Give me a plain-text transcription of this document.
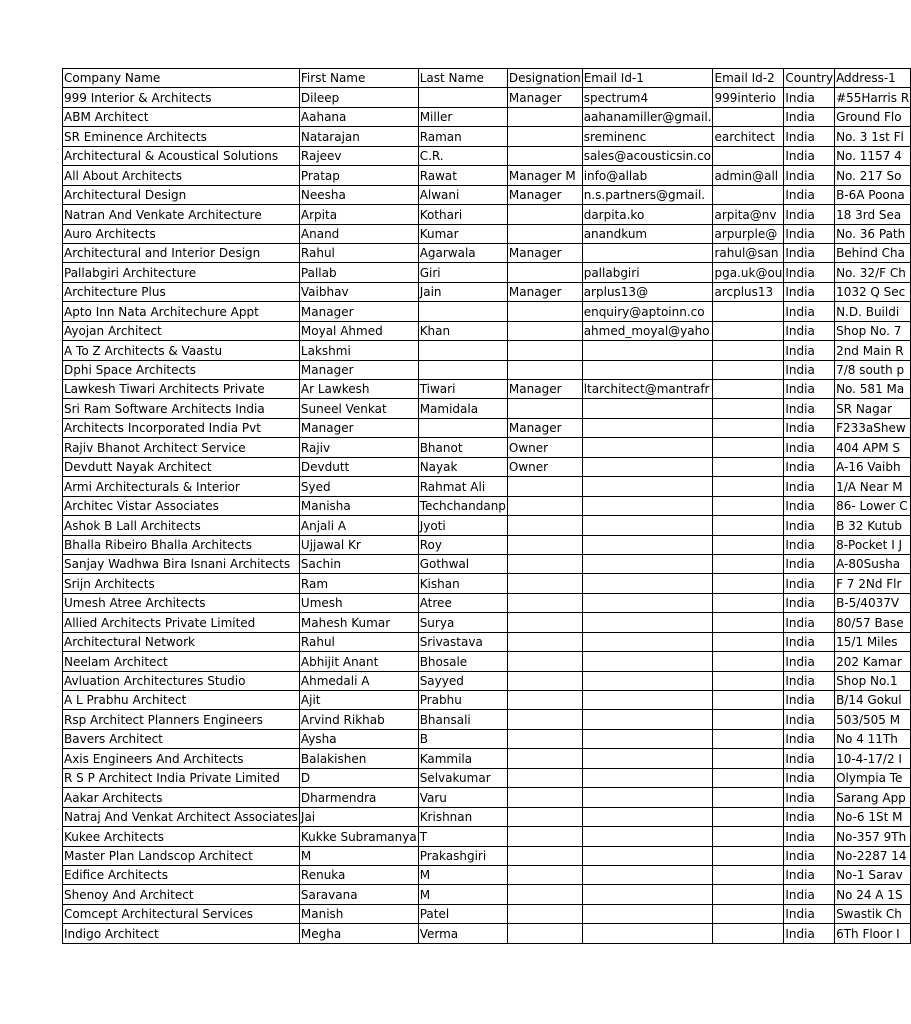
Company Name	First Name	Last Name	Designation	Email Id-1	Email Id-2	Country	Address-1
999 Interior & Architects	Dileep		Manager	spectrum4	999interio	India	#55Harris R
ABM Architect	Aahana	Miller		aahanamiller@gmail.		India	Ground Flo
SR Eminence Architects	Natarajan	Raman		sreminenc	earchitect	India	No. 3 1st Fl
Architectural & Acoustical Solutions	Rajeev	C.R.		sales@acousticsin.co		India	No. 1157 4
All About Architects	Pratap	Rawat	Manager M	info@allab	admin@all	India	No. 217 So
Architectural Design	Neesha	Alwani	Manager	n.s.partners@gmail.		India	B-6A Poona
Natran And Venkate Architecture	Arpita	Kothari		darpita.ko	arpita@nv	India	18 3rd Sea
Auro Architects	Anand	Kumar		anandkum	arpurple@	India	No. 36 Path
Architectural and Interior Design	Rahul	Agarwala	Manager		rahul@san	India	Behind Cha
Pallabgiri Architecture	Pallab	Giri		pallabgiri	pga.uk@ou	India	No. 32/F Ch
Architecture Plus	Vaibhav	Jain	Manager	arplus13@	arcplus13	India	1032 Q Sec
Apto Inn Nata Architechure Appt	Manager			enquiry@aptoinn.co		India	N.D. Buildi
Ayojan Architect	Moyal Ahmed	Khan		ahmed_moyal@yaho		India	Shop No. 7
A To Z Architects & Vaastu	Lakshmi					India	2nd Main R
Dphi Space Architects	Manager					India	7/8 south p
Lawkesh Tiwari Architects Private	Ar Lawkesh	Tiwari	Manager	ltarchitect@mantrafr		India	No. 581 Ma
Sri Ram Software Architects India	Suneel Venkat	Mamidala				India	SR Nagar
Architects Incorporated India Pvt	Manager		Manager			India	F233aShew
Rajiv Bhanot Architect Service	Rajiv	Bhanot	Owner			India	404 APM S
Devdutt Nayak Architect	Devdutt	Nayak	Owner			India	A-16 Vaibh
Armi Architecturals & Interior	Syed	Rahmat Ali				India	1/A Near M
Architec Vistar Associates	Manisha	Techchandanp				India	86- Lower C
Ashok B Lall Architects	Anjali A	Jyoti				India	B 32 Kutub
Bhalla Ribeiro Bhalla Architects	Ujjawal Kr	Roy				India	8-Pocket I J
Sanjay Wadhwa Bira Isnani Architects	Sachin	Gothwal				India	A-80Susha
Srijn Architects	Ram	Kishan				India	F 7 2Nd Flr
Umesh Atree Architects	Umesh	Atree				India	B-5/4037V
Allied Architects Private Limited	Mahesh Kumar	Surya				India	80/57 Base
Architectural Network	Rahul	Srivastava				India	15/1 Miles
Neelam Architect	Abhijit Anant	Bhosale				India	202 Kamar
Avluation Architectures Studio	Ahmedali A	Sayyed				India	Shop No.1
A L Prabhu Architect	Ajit	Prabhu				India	B/14 Gokul
Rsp Architect Planners Engineers	Arvind Rikhab	Bhansali				India	503/505 M
Bavers Architect	Aysha	B				India	No 4 11Th
Axis Engineers And Architects	Balakishen	Kammila				India	10-4-17/2 I
R S P Architect India Private Limited	D	Selvakumar				India	Olympia Te
Aakar Architects	Dharmendra	Varu				India	Sarang App
Natraj And Venkat Architect Associates	Jai	Krishnan				India	No-6 1St M
Kukee Architects	Kukke Subramanya	T				India	No-357 9Th
Master Plan Landscop Architect	M	Prakashgiri				India	No-2287 14
Edifice Architects	Renuka	M				India	No-1 Sarav
Shenoy And Architect	Saravana	M				India	No 24 A 1S
Comcept Architectural Services	Manish	Patel				India	Swastik Ch
Indigo Architect	Megha	Verma				India	6Th Floor I
